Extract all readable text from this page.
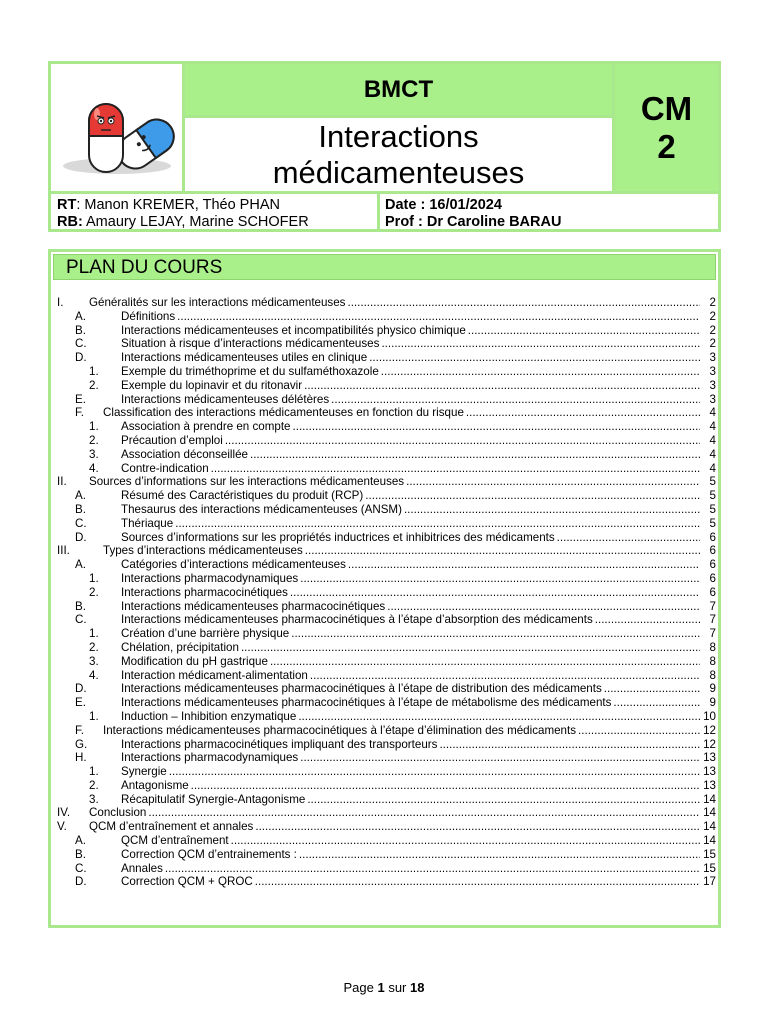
BMCT
Interactions
médicamenteuses
CM
2
RT: Manon KREMER, Théo PHAN
RB: Amaury LEJAY, Marine SCHOFER
Date : 16/01/2024
Prof : Dr Caroline BARAU
PLAN DU COURS
I. Généralités sur les interactions médicamenteuses .....	2
A.	Définitions .....	2
B.	Interactions médicamenteuses et incompatibilités physico chimique .....	2
C.	Situation à risque d’interactions médicamenteuses .....	2
D.	Interactions médicamenteuses utiles en clinique .....	3
1. Exemple du triméthoprime et du sulfaméthoxazole .....	3
2. Exemple du lopinavir et du ritonavir .....	3
E.	Interactions médicamenteuses délétères .....	3
F. Classification des interactions médicamenteuses en fonction du risque .....	4
1. Association à prendre en compte .....	4
2. Précaution d’emploi .....	4
3. Association déconseillée .....	4
4. Contre-indication .....	4
II. Sources d’informations sur les interactions médicamenteuses .....	5
A.	Résumé des Caractéristiques du produit (RCP) .....	5
B.	Thesaurus des interactions médicamenteuses (ANSM) .....	5
C.	Thériaque .....	5
D.	Sources d’informations sur les propriétés inductrices et inhibitrices des médicaments .....	6
III.	Types d’interactions médicamenteuses .....	6
A.	Catégories d’interactions médicamenteuses .....	6
1. Interactions pharmacodynamiques .....	6
2. Interactions pharmacocinétiques .....	6
B.	Interactions médicamenteuses pharmacocinétiques .....	7
C.	Interactions médicamenteuses pharmacocinétiques à l’étape d’absorption des médicaments .....	7
1. Création d’une barrière physique .....	7
2. Chélation, précipitation .....	8
3. Modification du pH gastrique .....	8
4. Interaction médicament-alimentation .....	8
D.	Interactions médicamenteuses pharmacocinétiques à l’étape de distribution des médicaments .....	9
E.	Interactions médicamenteuses pharmacocinétiques à l’étape de métabolisme des médicaments .....	9
1. Induction – Inhibition enzymatique .....	10
F. Interactions médicamenteuses pharmacocinétiques à l’étape d’élimination des médicaments .....	12
G.	Interactions pharmacocinétiques impliquant des transporteurs .....	12
H.	Interactions pharmacodynamiques .....	13
1. Synergie .....	13
2. Antagonisme .....	13
3. Récapitulatif Synergie-Antagonisme .....	14
IV. Conclusion .....	14
V. QCM d’entraînement et annales .....	14
A.	QCM d’entraînement .....	14
B.	Correction QCM d’entrainements : .....	15
C.	Annales .....	15
D.	Correction QCM + QROC .....	17
Page 1 sur 18
